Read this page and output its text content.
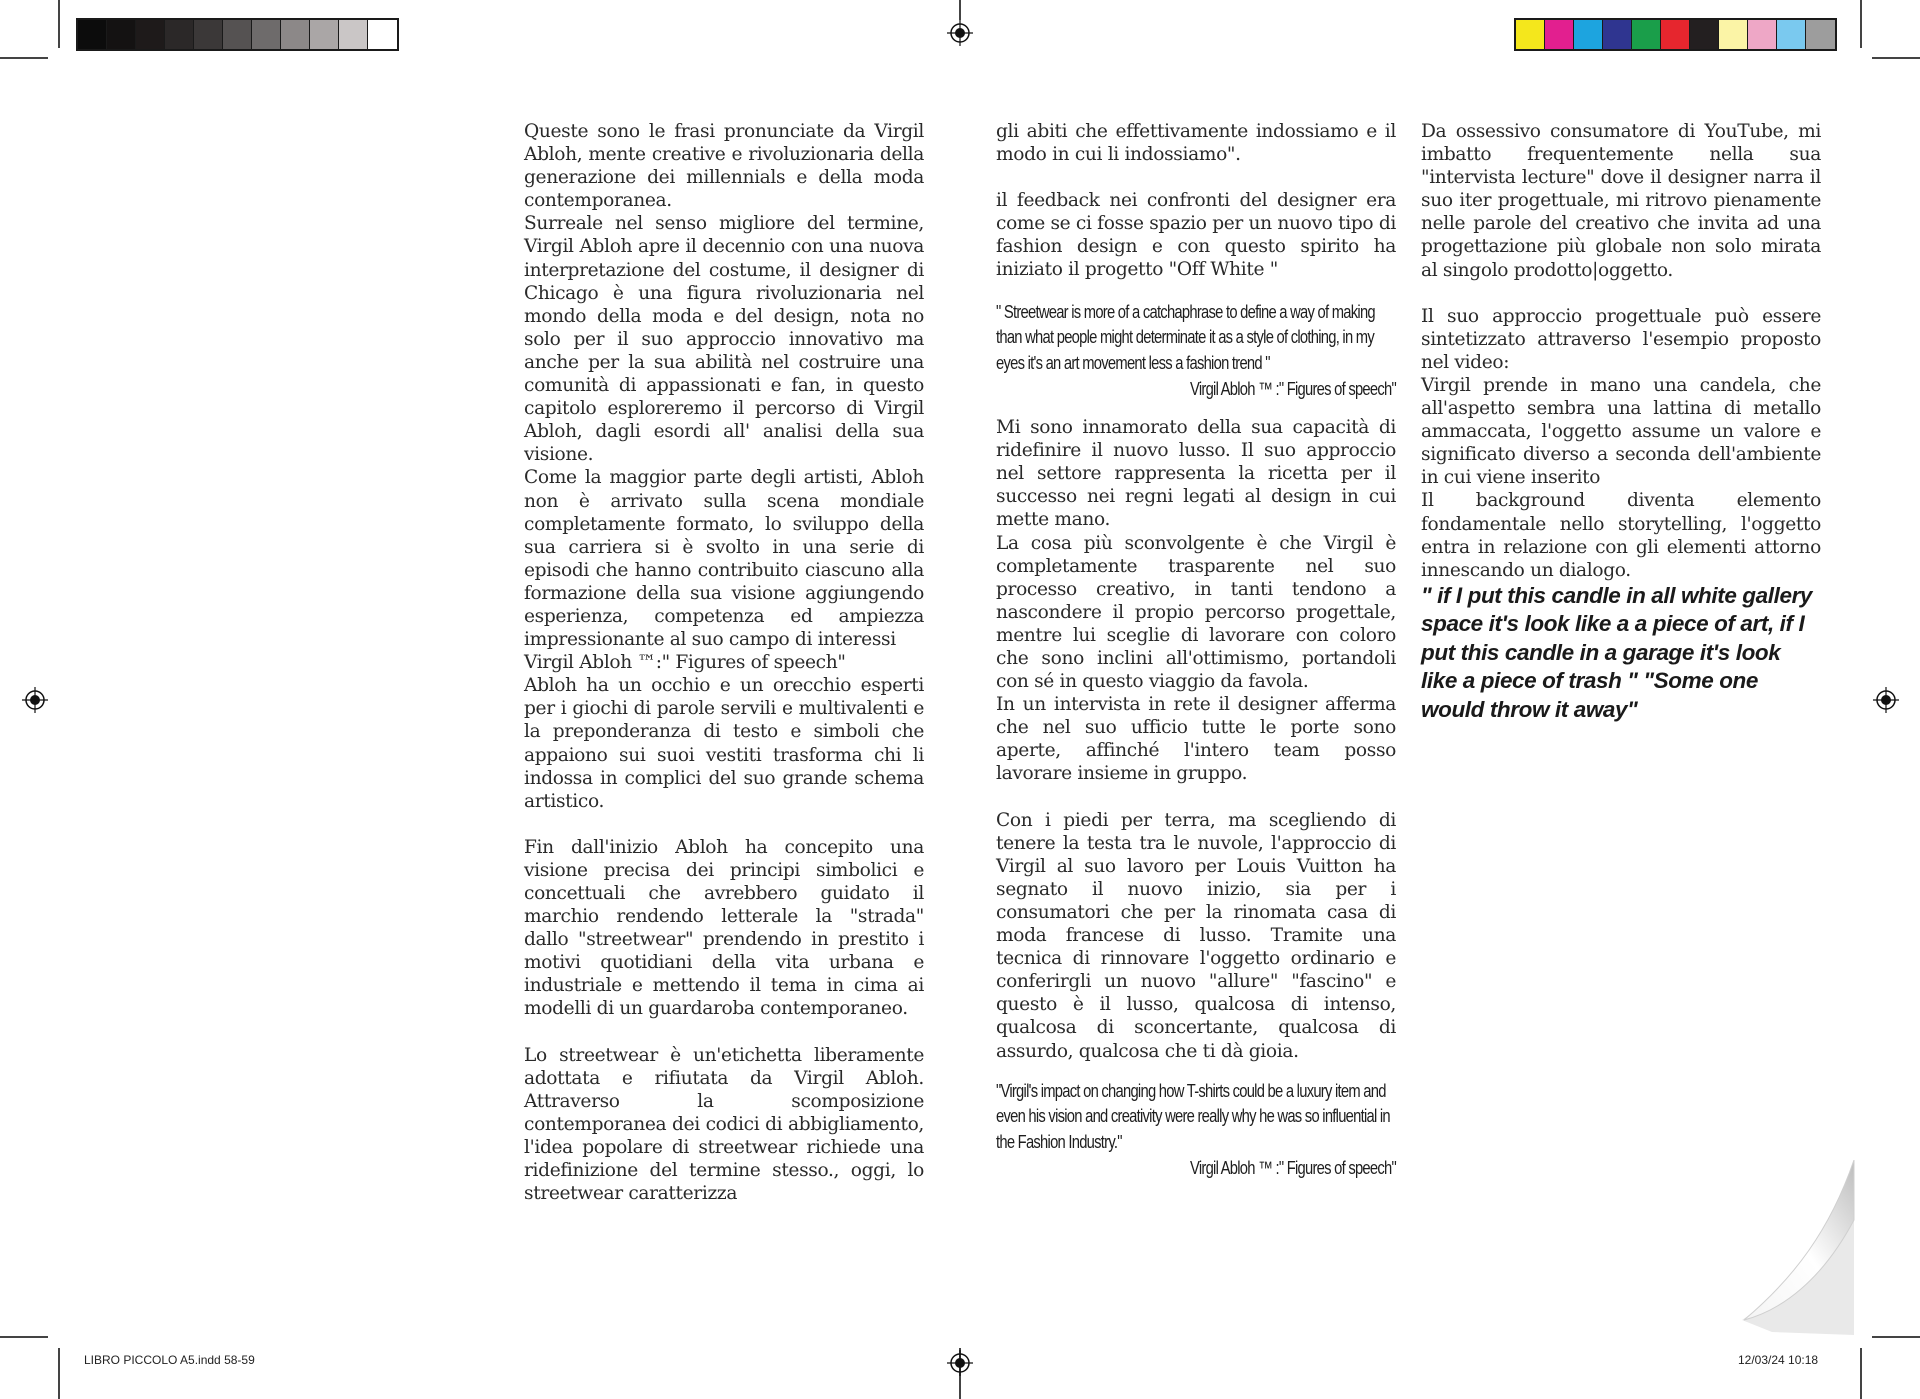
Queste sono le frasi pronunciate da Virgil Abloh, mente creative e rivoluzionaria della generazione dei millennials e della moda contemporanea.

Surreale nel senso migliore del termine, Virgil Abloh apre il decennio con una nuova interpretazione del costume, il designer di Chicago è una figura rivoluzionaria nel mondo della moda e del design, nota no solo per il suo approccio innovativo ma anche per la sua abilità nel costruire una comunità di appassionati e fan, in questo capitolo esploreremo il percorso di Virgil Abloh, dagli esordi all' analisi della sua visione.

Come la maggior parte degli artisti, Abloh non è arrivato sulla scena mondiale completamente formato, lo sviluppo della sua carriera si è svolto in una serie di episodi che hanno contribuito ciascuno alla formazione della sua visione aggiungendo esperienza, competenza ed ampiezza impressionante al suo campo di interessi

Virgil Abloh ™:" Figures of speech"

Abloh ha un occhio e un orecchio esperti per i giochi di parole servili e multivalenti e la preponderanza di testo e simboli che appaiono sui suoi vestiti trasforma chi li indossa in complici del suo grande schema artistico.

Fin dall'inizio Abloh ha concepito una visione precisa dei principi simbolici e concettuali che avrebbero guidato il marchio rendendo letterale la "strada" dallo "streetwear" prendendo in prestito i motivi quotidiani della vita urbana e industriale e mettendo il tema in cima ai modelli di un guardaroba contemporaneo.

Lo streetwear è un'etichetta liberamente adottata e rifiutata da Virgil Abloh. Attraverso la scomposizione contemporanea dei codici di abbigliamento, l'idea popolare di streetwear richiede una ridefinizione del termine stesso., oggi, lo streetwear caratterizza

gli abiti che effettivamente indossiamo e il modo in cui li indossiamo".

il feedback nei confronti del designer era come se ci fosse spazio per un nuovo tipo di fashion design e con questo spirito ha iniziato il progetto "Off White "

" Streetwear is more of a catchaphrase to define a way of making than what people might determinate it as a style of clothing, in my eyes it's an art movement less a fashion trend "

Virgil Abloh ™ :" Figures of speech"

Mi sono innamorato della sua capacità di ridefinire il nuovo lusso. Il suo approccio nel settore rappresenta la ricetta per il successo nei regni legati al design in cui mette mano.

La cosa più sconvolgente è che Virgil è completamente trasparente nel suo processo creativo, in tanti tendono a nascondere il propio percorso progettale, mentre lui sceglie di lavorare con coloro che sono inclini all'ottimismo, portandoli con sé in questo viaggio da favola.

In un intervista in rete il designer afferma che nel suo ufficio tutte le porte sono aperte, affinché l'intero team posso lavorare insieme in gruppo.

Con i piedi per terra, ma scegliendo di tenere la testa tra le nuvole, l'approccio di Virgil al suo lavoro per Louis Vuitton ha segnato il nuovo inizio, sia per i consumatori che per la rinomata casa di moda francese di lusso. Tramite una tecnica di rinnovare l'oggetto ordinario e conferirgli un nuovo "allure" "fascino" e questo è il lusso, qualcosa di intenso, qualcosa di sconcertante, qualcosa di assurdo, qualcosa che ti dà gioia.

"Virgil's impact on changing how T-shirts could be a luxury item and even his vision and creativity were really why he was so influential in the Fashion Industry."

Virgil Abloh ™ :" Figures of speech"

Da ossessivo consumatore di YouTube, mi imbatto frequentemente nella sua "intervista lecture" dove il designer narra il suo iter progettuale, mi ritrovo pienamente nelle parole del creativo che invita ad una progettazione più globale non solo mirata al singolo prodotto|oggetto.

Il suo approccio progettuale può essere sintetizzato attraverso l'esempio proposto nel video:

Virgil prende in mano una candela, che all'aspetto sembra una lattina di metallo ammaccata, l'oggetto assume un valore e significato diverso a seconda dell'ambiente in cui viene inserito

Il background diventa elemento fondamentale nello storytelling, l'oggetto entra in relazione con gli elementi attorno innescando un dialogo.

" if I put this candle in all white gallery space it's look like a a piece of art, if I put this candle in a garage it's look like a piece of trash " "Some one would throw it away"

LIBRO PICCOLO A5.indd 58-59	12/03/24 10:18
